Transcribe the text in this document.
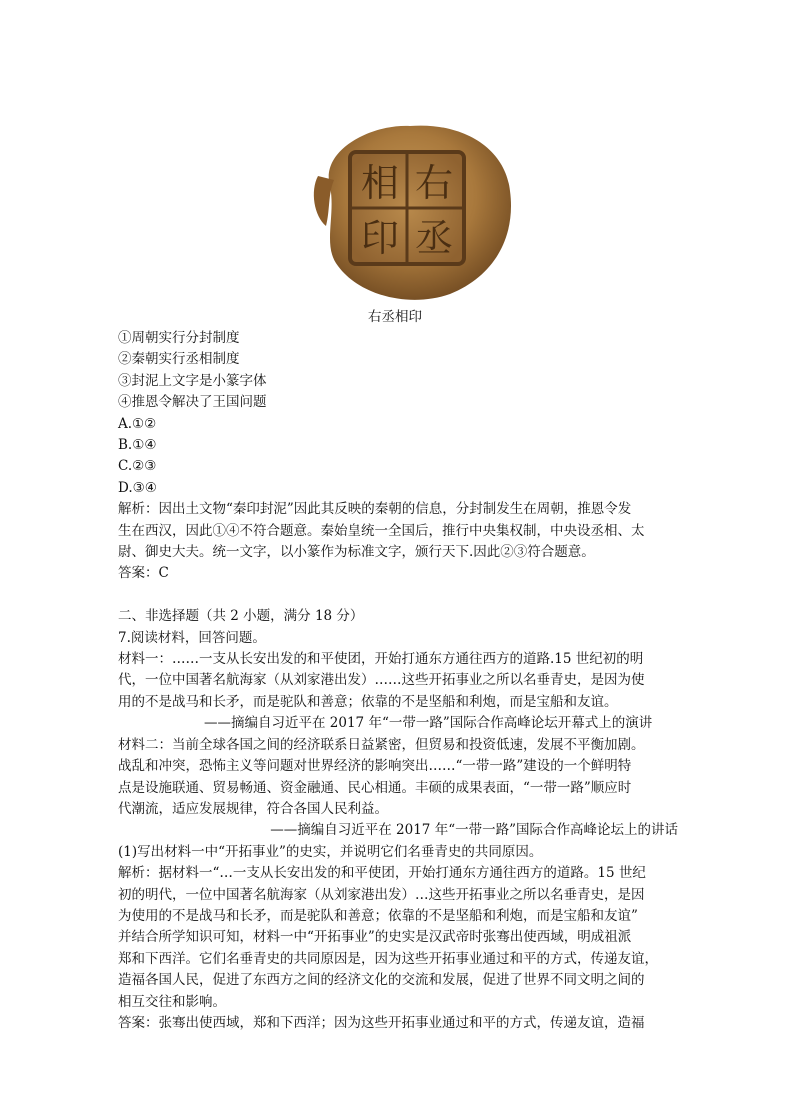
右
丞
相
印
右丞相印
①周朝实行分封制度
②秦朝实行丞相制度
③封泥上文字是小篆字体
④推恩令解决了王国问题
A.①②
B.①④
C.②③
D.③④
解析：因出土文物“秦印封泥”因此其反映的秦朝的信息，分封制发生在周朝，推恩令发
生在西汉，因此①④不符合题意。秦始皇统一全国后，推行中央集权制，中央设丞相、太
尉、御史大夫。统一文字，以小篆作为标准文字，颁行天下.因此②③符合题意。
答案：C
二、非选择题（共 2 小题，满分 18 分）
7.阅读材料，回答问题。
材料一：……一支从长安出发的和平使团，开始打通东方通往西方的道路.15 世纪初的明
代，一位中国著名航海家（从刘家港出发）……这些开拓事业之所以名垂青史，是因为使
用的不是战马和长矛，而是驼队和善意；依靠的不是坚船和利炮，而是宝船和友谊。
——摘编自习近平在 2017 年“一带一路”国际合作高峰论坛开幕式上的演讲
材料二：当前全球各国之间的经济联系日益紧密，但贸易和投资低速，发展不平衡加剧。
战乱和冲突，恐怖主义等问题对世界经济的影响突出……“一带一路”建设的一个鲜明特
点是设施联通、贸易畅通、资金融通、民心相通。丰硕的成果表面，“一带一路”顺应时
代潮流，适应发展规律，符合各国人民利益。
——摘编自习近平在 2017 年“一带一路”国际合作高峰论坛上的讲话
(1)写出材料一中“开拓事业”的史实，并说明它们名垂青史的共同原因。
解析：据材料一“…一支从长安出发的和平使团，开始打通东方通往西方的道路。15 世纪
初的明代，一位中国著名航海家（从刘家港出发）…这些开拓事业之所以名垂青史，是因
为使用的不是战马和长矛，而是驼队和善意；依靠的不是坚船和利炮，而是宝船和友谊”
并结合所学知识可知，材料一中“开拓事业”的史实是汉武帝时张骞出使西域，明成祖派
郑和下西洋。它们名垂青史的共同原因是，因为这些开拓事业通过和平的方式，传递友谊，
造福各国人民，促进了东西方之间的经济文化的交流和发展，促进了世界不同文明之间的
相互交往和影响。
答案：张骞出使西域，郑和下西洋；因为这些开拓事业通过和平的方式，传递友谊，造福
